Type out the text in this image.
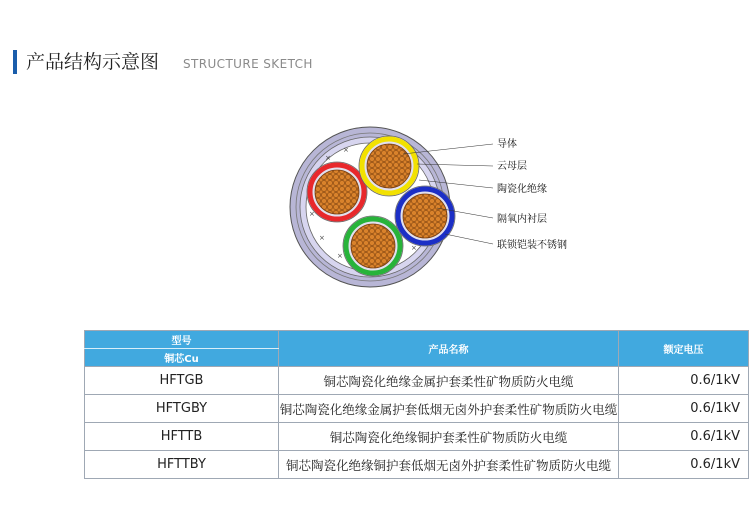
产品结构示意图 STRUCTURE SKETCH
×
×
×
×
×
×
导体
云母层
陶瓷化绝缘
隔氧内衬层
联锁铠装不锈钢
型号	产品名称	额定电压
铜芯Cu		
HFTGB	铜芯陶瓷化绝缘金属护套柔性矿物质防火电缆	0.6/1kV
HFTGBY	铜芯陶瓷化绝缘金属护套低烟无卤外护套柔性矿物质防火电缆	0.6/1kV
HFTTB	铜芯陶瓷化绝缘铜护套柔性矿物质防火电缆	0.6/1kV
HFTTBY	铜芯陶瓷化绝缘铜护套低烟无卤外护套柔性矿物质防火电缆	0.6/1kV
